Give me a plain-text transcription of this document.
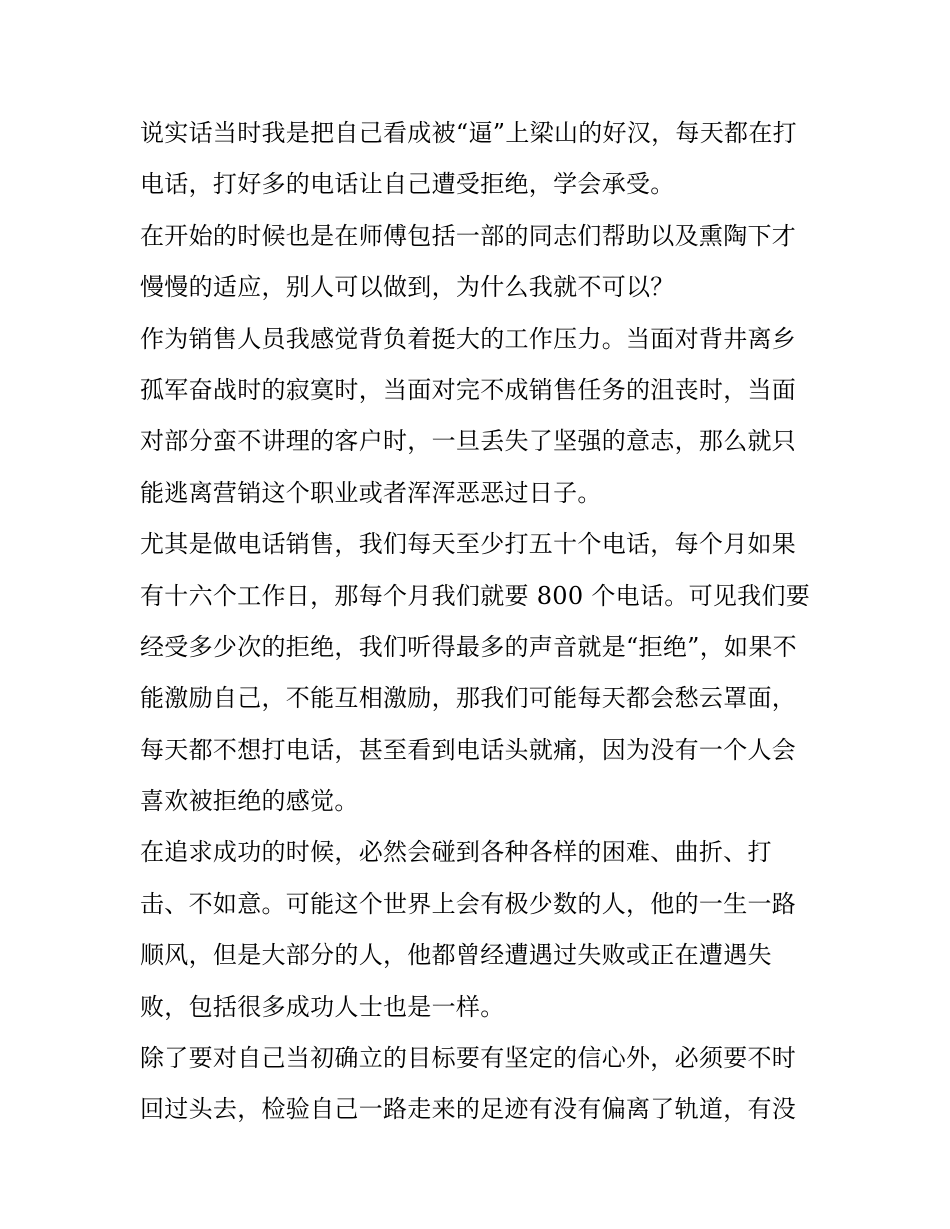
说实话当时我是把自己看成被“逼”上梁山的好汉，每天都在打
电话，打好多的电话让自己遭受拒绝，学会承受。
在开始的时候也是在师傅包括一部的同志们帮助以及熏陶下才
慢慢的适应，别人可以做到，为什么我就不可以？
作为销售人员我感觉背负着挺大的工作压力。当面对背井离乡
孤军奋战时的寂寞时，当面对完不成销售任务的沮丧时，当面
对部分蛮不讲理的客户时，一旦丢失了坚强的意志，那么就只
能逃离营销这个职业或者浑浑恶恶过日子。
尤其是做电话销售，我们每天至少打五十个电话，每个月如果
有十六个工作日，那每个月我们就要 800 个电话。可见我们要
经受多少次的拒绝，我们听得最多的声音就是“拒绝”，如果不
能激励自己，不能互相激励，那我们可能每天都会愁云罩面，
每天都不想打电话，甚至看到电话头就痛，因为没有一个人会
喜欢被拒绝的感觉。
在追求成功的时候，必然会碰到各种各样的困难、曲折、打
击、不如意。可能这个世界上会有极少数的人，他的一生一路
顺风，但是大部分的人，他都曾经遭遇过失败或正在遭遇失
败，包括很多成功人士也是一样。
除了要对自己当初确立的目标要有坚定的信心外，必须要不时
回过头去，检验自己一路走来的足迹有没有偏离了轨道，有没
